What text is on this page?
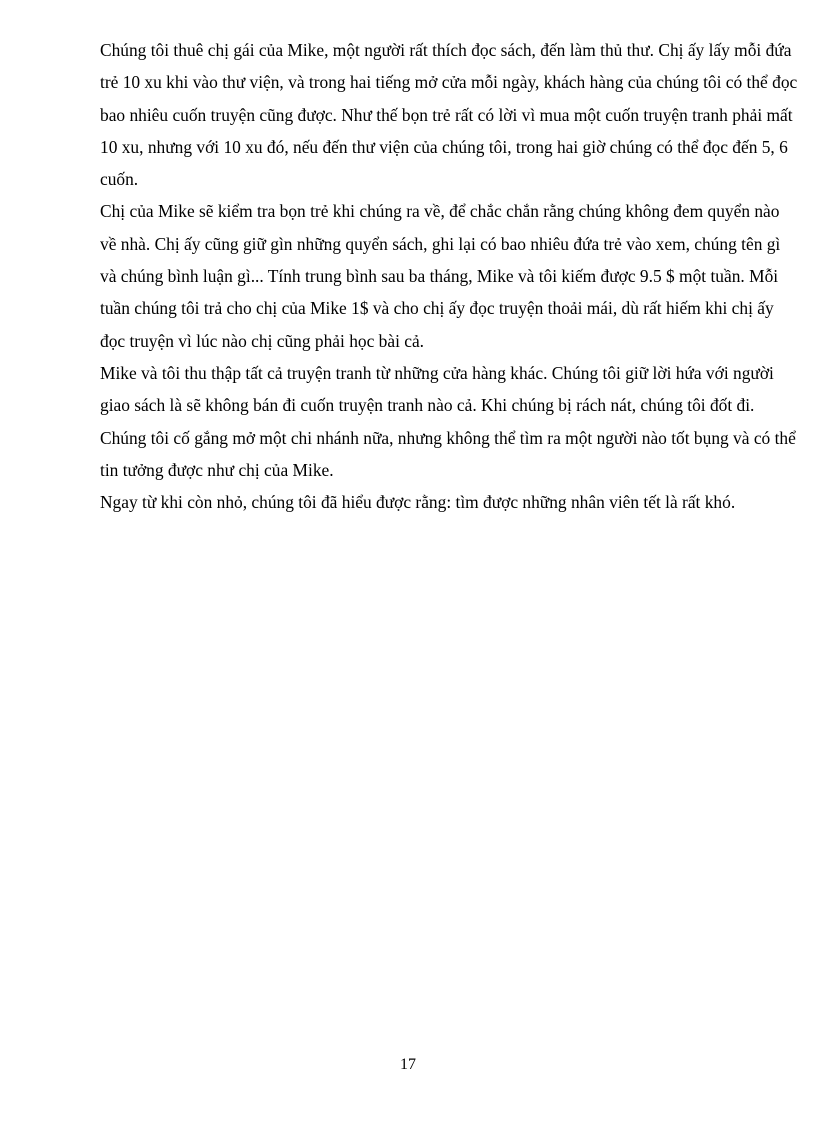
Chúng tôi thuê chị gái của Mike, một người rất thích đọc sách, đến làm thủ thư. Chị ấy lấy mỗi đứa trẻ 10 xu khi vào thư viện, và trong hai tiếng mở cửa mỗi ngày, khách hàng của chúng tôi có thể đọc bao nhiêu cuốn truyện cũng được. Như thế bọn trẻ rất có lời vì mua một cuốn truyện tranh phải mất 10 xu, nhưng với 10 xu đó, nếu đến thư viện của chúng tôi, trong hai giờ chúng có thể đọc đến 5, 6 cuốn.

Chị của Mike sẽ kiểm tra bọn trẻ khi chúng ra về, để chắc chắn rằng chúng không đem quyển nào về nhà. Chị ấy cũng giữ gìn những quyển sách, ghi lại có bao nhiêu đứa trẻ vào xem, chúng tên gì và chúng bình luận gì... Tính trung bình sau ba tháng, Mike và tôi kiếm được 9.5 $ một tuần. Mỗi tuần chúng tôi trả cho chị của Mike 1$ và cho chị ấy đọc truyện thoải mái, dù rất hiếm khi chị ấy đọc truyện vì lúc nào chị cũng phải học bài cả.

Mike và tôi thu thập tất cả truyện tranh từ những cửa hàng khác. Chúng tôi giữ lời hứa với người giao sách là sẽ không bán đi cuốn truyện tranh nào cả. Khi chúng bị rách nát, chúng tôi đốt đi. Chúng tôi cố gắng mở một chi nhánh nữa, nhưng không thể tìm ra một người nào tốt bụng và có thể tin tưởng được như chị của Mike.

Ngay từ khi còn nhỏ, chúng tôi đã hiểu được rằng: tìm được những nhân viên tết là rất khó.

17
